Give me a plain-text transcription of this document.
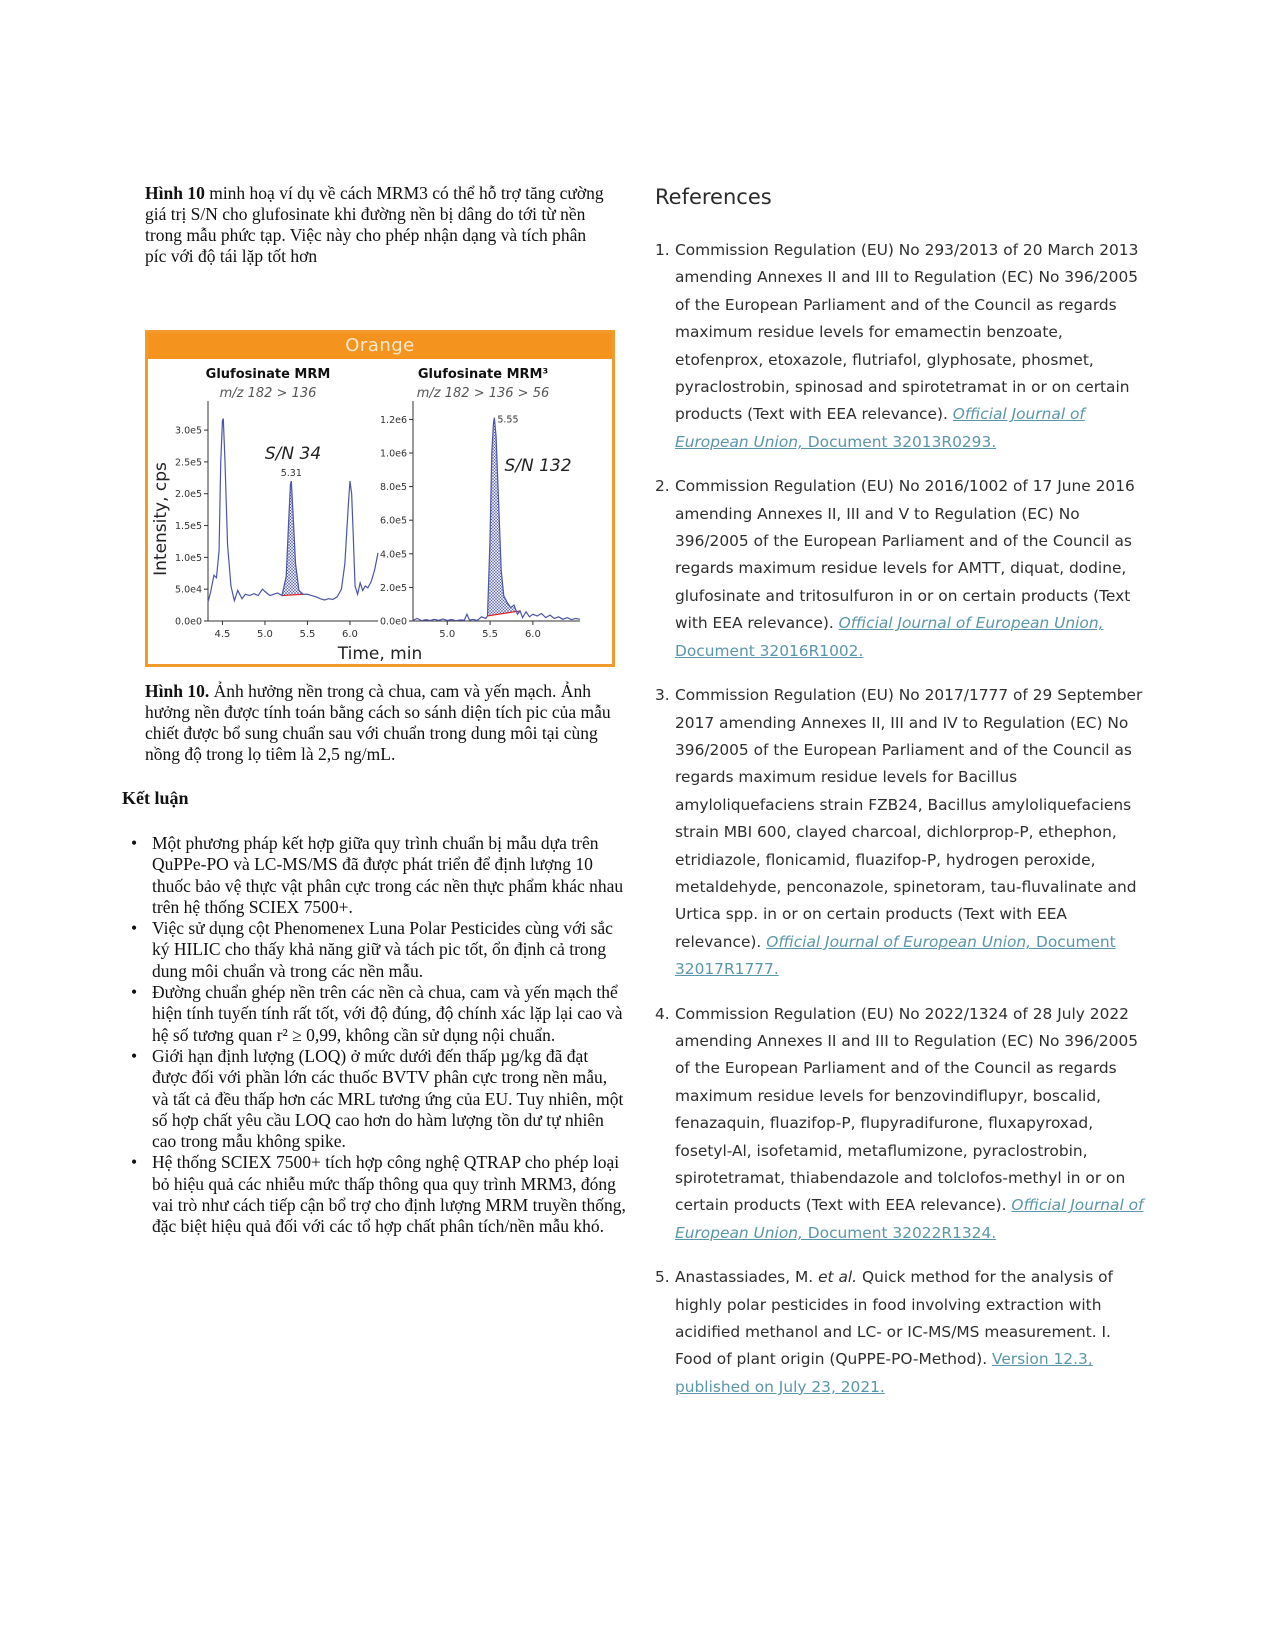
Hình 10 minh hoạ ví dụ về cách MRM3 có thể hỗ trợ tăng cường giá trị S/N cho glufosinate khi đường nền bị dâng do tới từ nền trong mẫu phức tạp. Việc này cho phép nhận dạng và tích phân píc với độ tái lặp tốt hơn

Orange
Glufosinate MRM
m/z 182 > 136
0.0e0
5.0e4
1.0e5
1.5e5
2.0e5
2.5e5
3.0e5
4.5	5.0	5.5	6.0
5.31
S/N 34
Glufosinate MRM³
m/z 182 > 136 > 56
0.0e0
2.0e5
4.0e5
6.0e5
8.0e5
1.0e6
1.2e6
5.0	5.5	6.0
5.55
S/N 132
Intensity, cps
Time, min

Hình 10. Ảnh hưởng nền trong cà chua, cam và yến mạch. Ảnh hưởng nền được tính toán bằng cách so sánh diện tích pic của mẫu chiết được bổ sung chuẩn sau với chuẩn trong dung môi tại cùng nồng độ trong lọ tiêm là 2,5 ng/mL.

Kết luận
• Một phương pháp kết hợp giữa quy trình chuẩn bị mẫu dựa trên QuPPe-PO và LC-MS/MS đã được phát triển để định lượng 10 thuốc bảo vệ thực vật phân cực trong các nền thực phẩm khác nhau trên hệ thống SCIEX 7500+.
• Việc sử dụng cột Phenomenex Luna Polar Pesticides cùng với sắc ký HILIC cho thấy khả năng giữ và tách pic tốt, ổn định cả trong dung môi chuẩn và trong các nền mẫu.
• Đường chuẩn ghép nền trên các nền cà chua, cam và yến mạch thể hiện tính tuyến tính rất tốt, với độ đúng, độ chính xác lặp lại cao và hệ số tương quan r² ≥ 0,99, không cần sử dụng nội chuẩn.
• Giới hạn định lượng (LOQ) ở mức dưới đến thấp µg/kg đã đạt được đối với phần lớn các thuốc BVTV phân cực trong nền mẫu, và tất cả đều thấp hơn các MRL tương ứng của EU. Tuy nhiên, một số hợp chất yêu cầu LOQ cao hơn do hàm lượng tồn dư tự nhiên cao trong mẫu không spike.
• Hệ thống SCIEX 7500+ tích hợp công nghệ QTRAP cho phép loại bỏ hiệu quả các nhiễu mức thấp thông qua quy trình MRM3, đóng vai trò như cách tiếp cận bổ trợ cho định lượng MRM truyền thống, đặc biệt hiệu quả đối với các tổ hợp chất phân tích/nền mẫu khó.
References
1. Commission Regulation (EU) No 293/2013 of 20 March 2013 amending Annexes II and III to Regulation (EC) No 396/2005 of the European Parliament and of the Council as regards maximum residue levels for emamectin benzoate, etofenprox, etoxazole, flutriafol, glyphosate, phosmet, pyraclostrobin, spinosad and spirotetramat in or on certain products (Text with EEA relevance). Official Journal of European Union, Document 32013R0293.
2. Commission Regulation (EU) No 2016/1002 of 17 June 2016 amending Annexes II, III and V to Regulation (EC) No 396/2005 of the European Parliament and of the Council as regards maximum residue levels for AMTT, diquat, dodine, glufosinate and tritosulfuron in or on certain products (Text with EEA relevance). Official Journal of European Union, Document 32016R1002.
3. Commission Regulation (EU) No 2017/1777 of 29 September 2017 amending Annexes II, III and IV to Regulation (EC) No 396/2005 of the European Parliament and of the Council as regards maximum residue levels for Bacillus amyloliquefaciens strain FZB24, Bacillus amyloliquefaciens strain MBI 600, clayed charcoal, dichlorprop-P, ethephon, etridiazole, flonicamid, fluazifop-P, hydrogen peroxide, metaldehyde, penconazole, spinetoram, tau-fluvalinate and Urtica spp. in or on certain products (Text with EEA relevance). Official Journal of European Union, Document 32017R1777.
4. Commission Regulation (EU) No 2022/1324 of 28 July 2022 amending Annexes II and III to Regulation (EC) No 396/2005 of the European Parliament and of the Council as regards maximum residue levels for benzovindiflupyr, boscalid, fenazaquin, fluazifop-P, flupyradifurone, fluxapyroxad, fosetyl-Al, isofetamid, metaflumizone, pyraclostrobin, spirotetramat, thiabendazole and tolclofos-methyl in or on certain products (Text with EEA relevance). Official Journal of European Union, Document 32022R1324.
5. Anastassiades, M. et al. Quick method for the analysis of highly polar pesticides in food involving extraction with acidified methanol and LC- or IC-MS/MS measurement. I. Food of plant origin (QuPPE-PO-Method). Version 12.3, published on July 23, 2021.
